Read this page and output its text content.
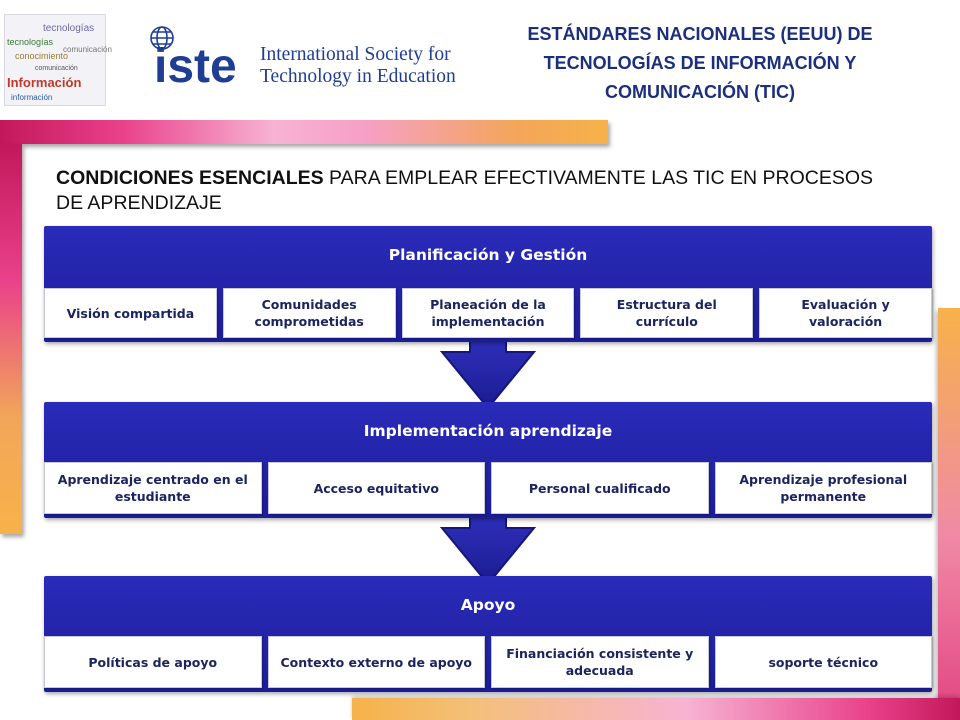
tecnologías
tecnologías
conocimiento
comunicación
Información
información
comunicación iste International Society for
Technology in Education
ESTÁNDARES NACIONALES (EEUU) DE
TECNOLOGÍAS DE INFORMACIÓN Y
COMUNICACIÓN (TIC)
CONDICIONES ESENCIALES PARA EMPLEAR EFECTIVAMENTE LAS TIC EN PROCESOS DE APRENDIZAJE
Planificación y Gestión
Visión compartida
Comunidades comprometidas
Planeación de la implementación
Estructura del currículo
Evaluación y valoración
Implementación aprendizaje
Aprendizaje centrado en el estudiante
Acceso equitativo	Personal cualificado
Aprendizaje profesional permanente
Apoyo
Políticas de apoyo	Contexto externo de apoyo
Financiación consistente y adecuada
soporte técnico
